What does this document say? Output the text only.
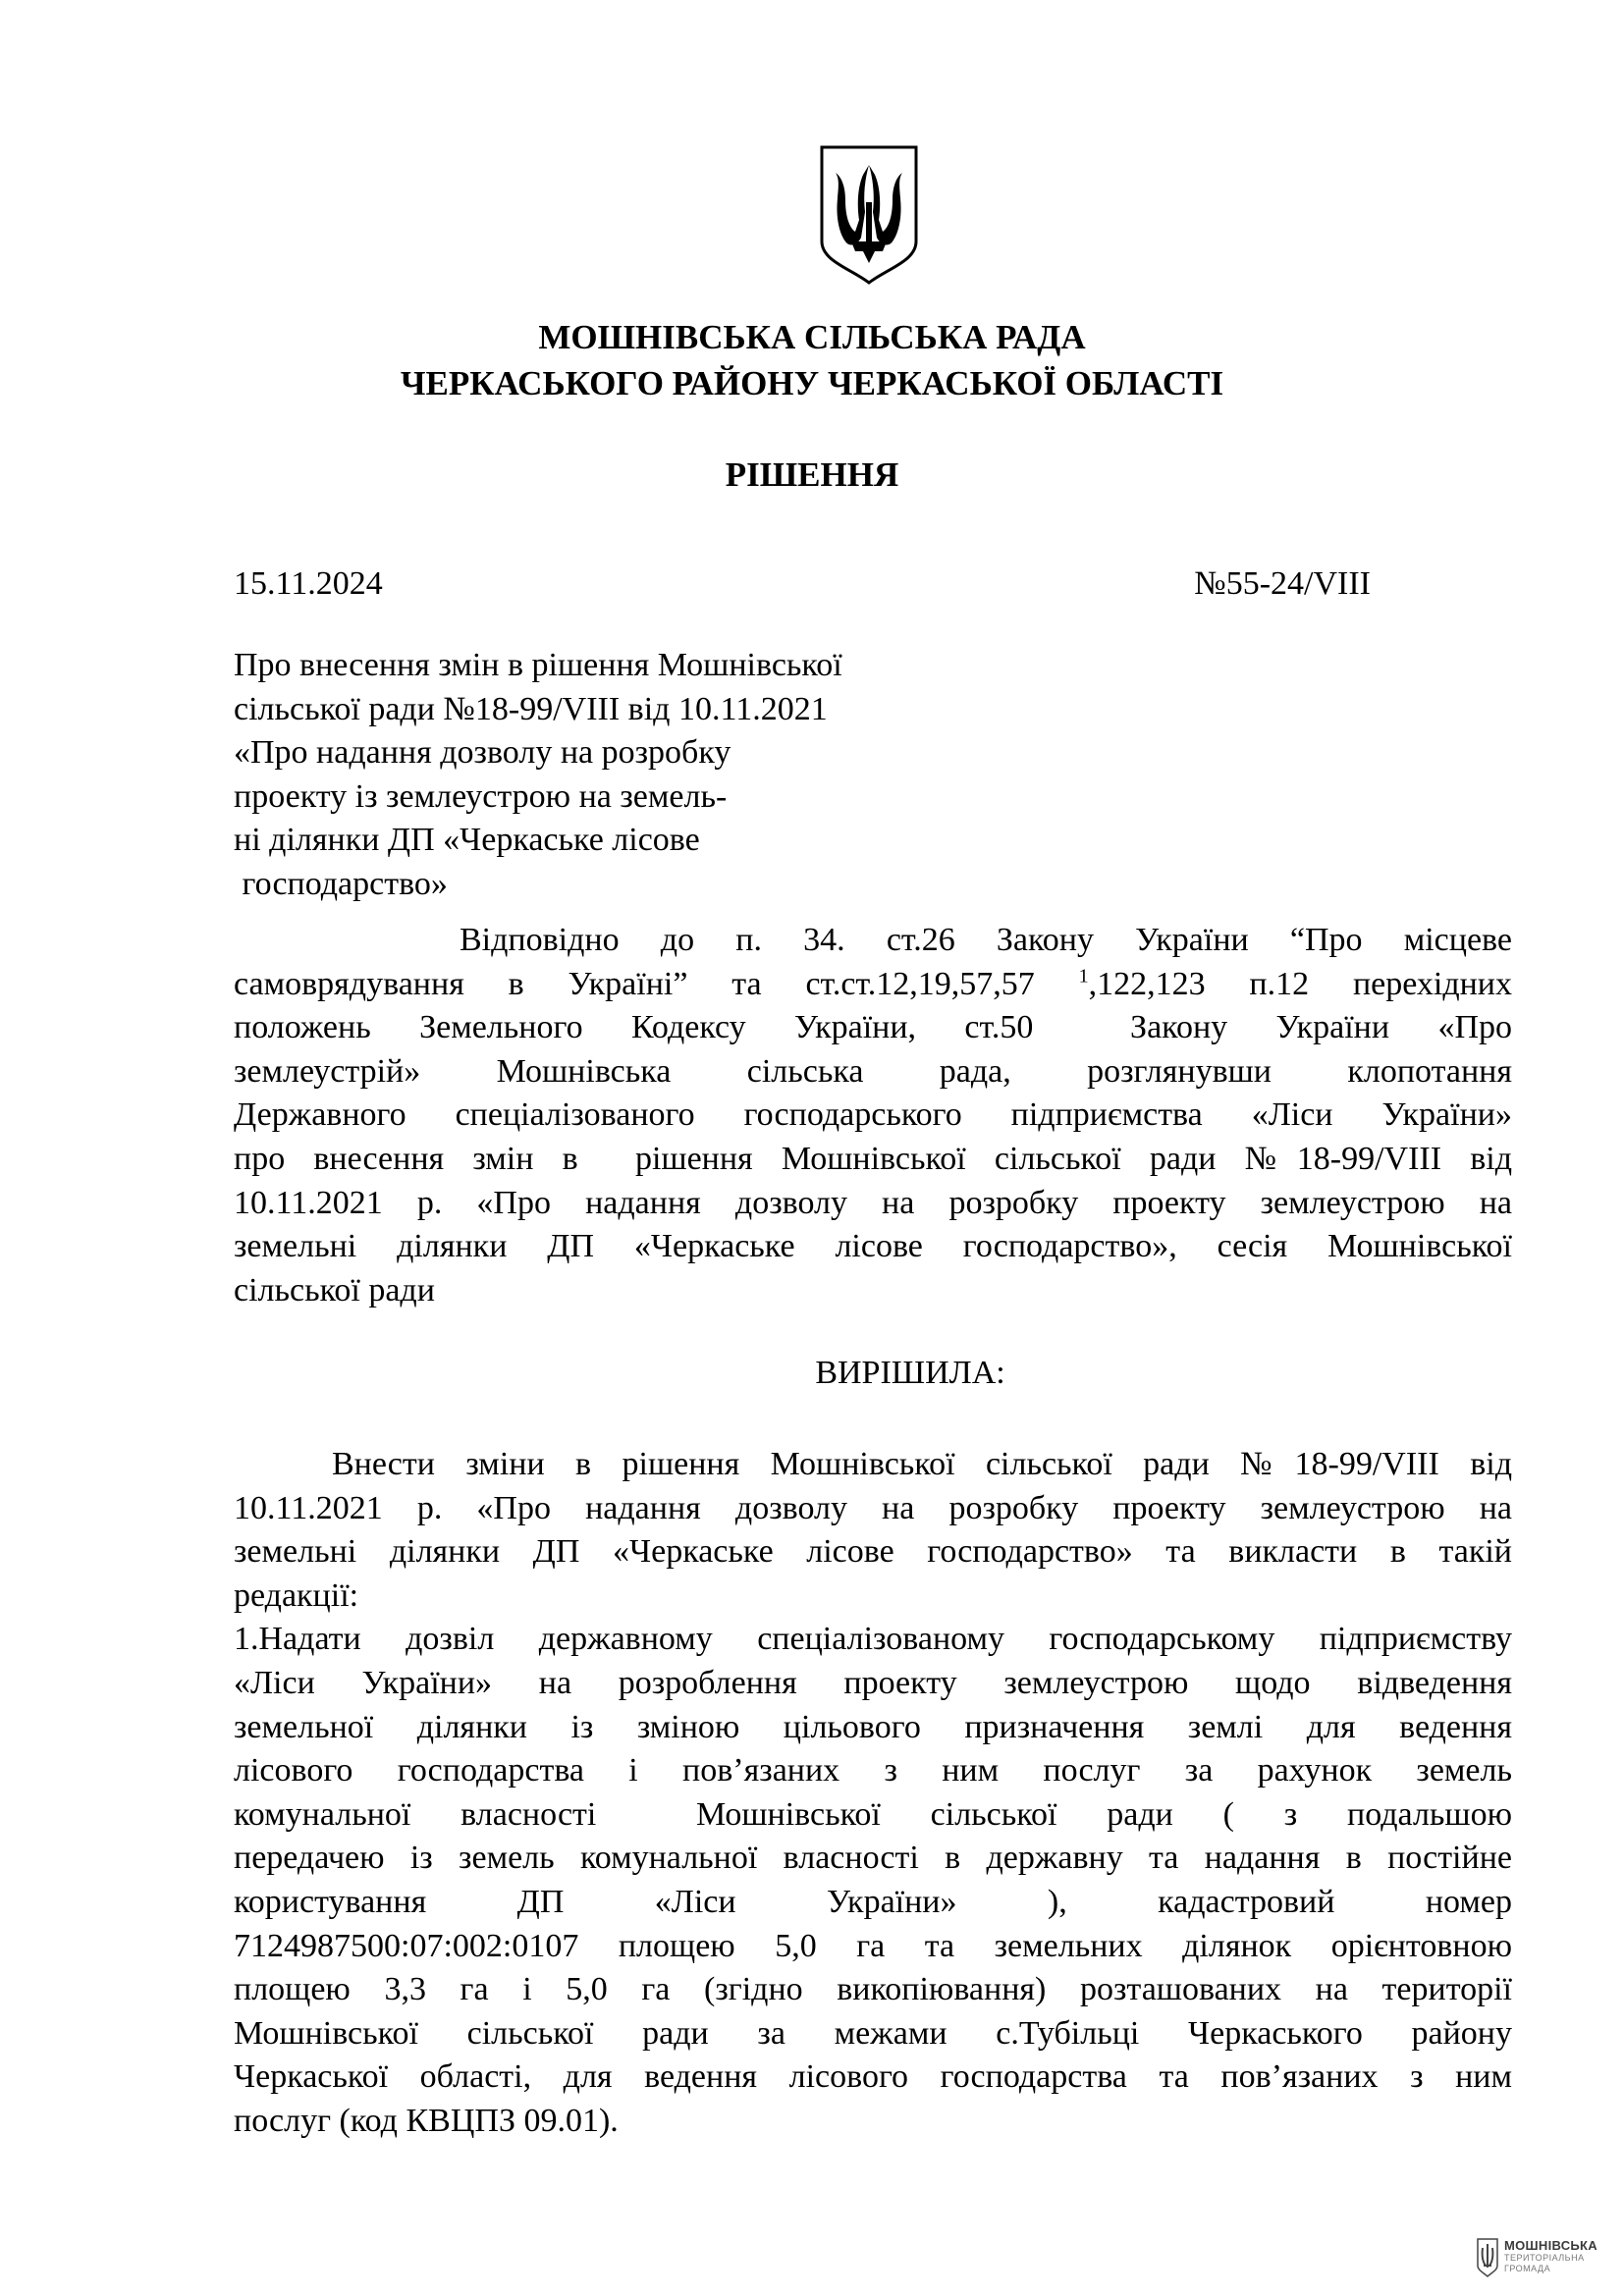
МОШНІВСЬКА СІЛЬСЬКА РАДА
ЧЕРКАСЬКОГО РАЙОНУ ЧЕРКАСЬКОЇ ОБЛАСТІ
РІШЕННЯ
15.11.2024	№55-24/VIII
Про внесення змін в рішення Мошнівської
сільської ради №18-99/VIII від 10.11.2021
«Про надання дозволу на розробку
проекту із землеустрою на земель-
ні ділянки ДП «Черкаське лісове
господарство»
Відповідно до п. 34. ст.26 Закону України “Про місцеве
самоврядування в Україні” та ст.ст.12,19,57,57 $^1$,122,123 п.12 перехідних
положень Земельного Кодексу України, ст.50  Закону України «Про
землеустрій» Мошнівська сільська рада, розглянувши клопотання
Державного спеціалізованого господарського підприємства «Ліси України»
про внесення змін в  рішення Мошнівської сільської ради №18-99/VIII від
10.11.2021 р. «Про надання дозволу на розробку проекту землеустрою на
земельні ділянки ДП «Черкаське лісове господарство», сесія Мошнівської
сільської ради
ВИРІШИЛА:
Внести зміни в рішення Мошнівської сільської ради №18-99/VIII від
10.11.2021 р. «Про надання дозволу на розробку проекту землеустрою на
земельні ділянки ДП «Черкаське лісове господарство» та викласти в такій
редакції:
1.Надати дозвіл державному спеціалізованому господарському підприємству
«Ліси України» на розроблення проекту землеустрою щодо відведення
земельної ділянки із зміною цільового призначення землі для ведення
лісового господарства і пов’язаних з ним послуг за рахунок земель
комунальної власності  Мошнівської сільської ради ( з подальшою
передачею із земель комунальної власності в державну та надання в постійне
користування ДП «Ліси України» ), кадастровий номер
7124987500:07:002:0107 площею 5,0 га та земельних ділянок орієнтовною
площею 3,3 га і 5,0 га (згідно викопіювання) розташованих на території
Мошнівської сільської ради за межами с.Тубільці Черкаського району
Черкаської області, для ведення лісового господарства та пов’язаних з ним
послуг (код КВЦПЗ 09.01).
МОШНІВСЬКА
ТЕРИТОРІАЛЬНА
ГРОМАДА
